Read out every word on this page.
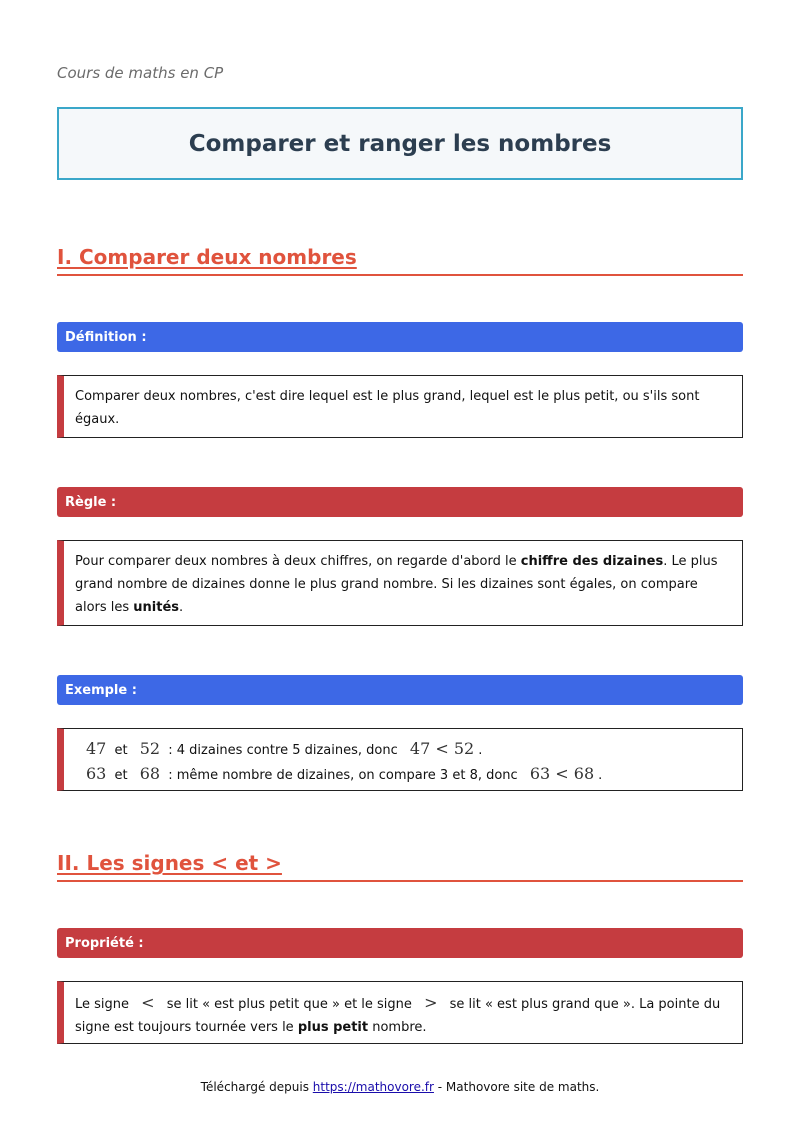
Cours de maths en CP
Comparer et ranger les nombres
I. Comparer deux nombres
Définition :
Comparer deux nombres, c'est dire lequel est le plus grand, lequel est le plus petit, ou s'ils sont égaux.
Règle :
Pour comparer deux nombres à deux chiffres, on regarde d'abord le chiffre des dizaines. Le plus grand nombre de dizaines donne le plus grand nombre. Si les dizaines sont égales, on compare alors les unités.
Exemple :
47 et 52 : 4 dizaines contre 5 dizaines, donc 47 < 52 .
63 et 68 : même nombre de dizaines, on compare 3 et 8, donc 63 < 68 .
II. Les signes < et >
Propriété :
Le signe < se lit « est plus petit que » et le signe > se lit « est plus grand que ». La pointe du signe est toujours tournée vers le plus petit nombre.
Téléchargé depuis https://mathovore.fr - Mathovore site de maths.
